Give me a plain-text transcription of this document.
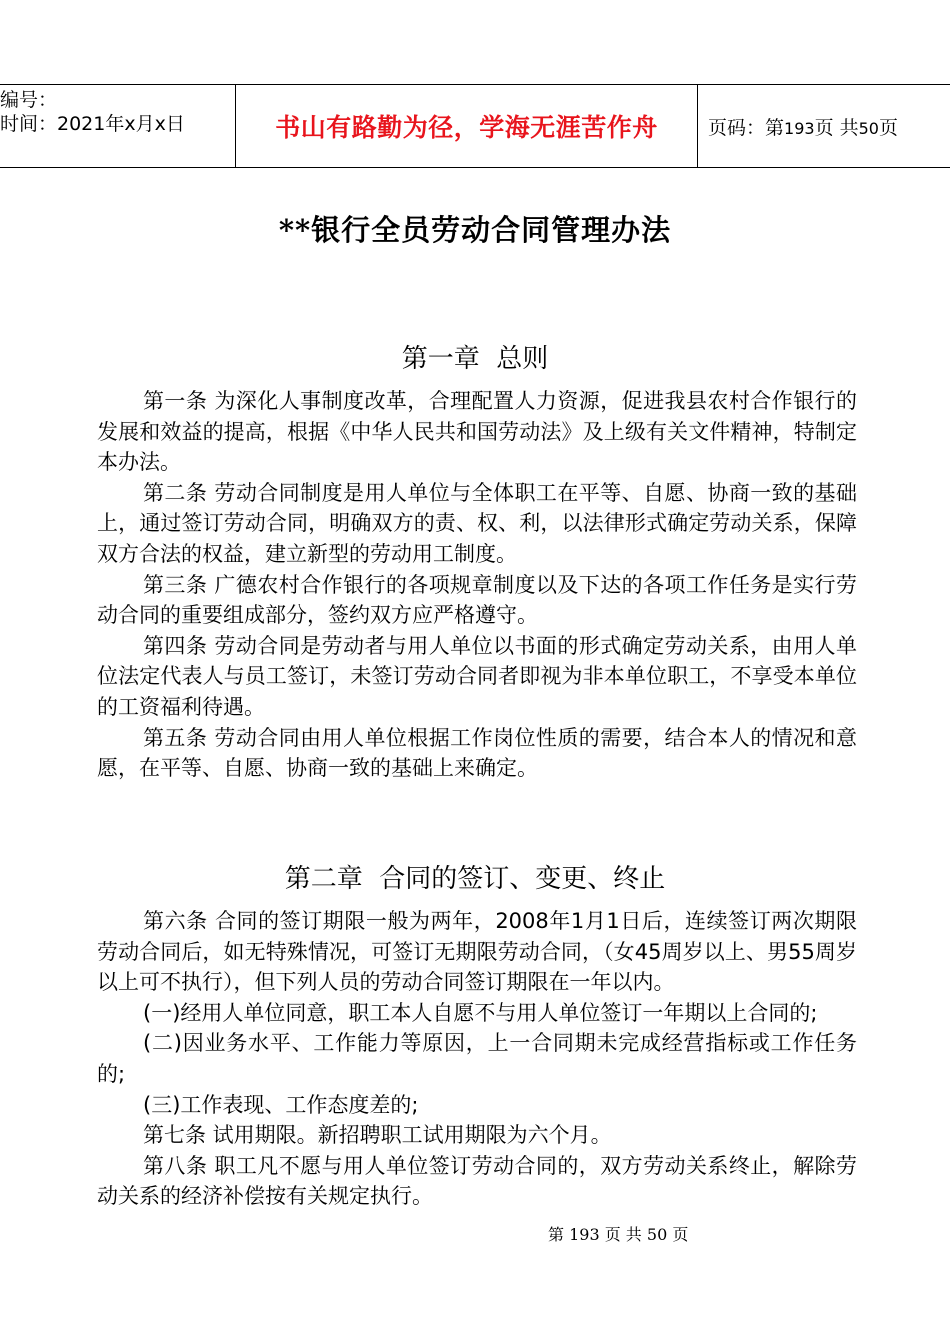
编号：
时间：2021年x月x日	书山有路勤为径，学海无涯苦作舟	页码：第193页 共50页
**银行全员劳动合同管理办法
第一章  总则

第一条 为深化人事制度改革，合理配置人力资源，促进我县农村合作银行的发展和效益的提高，根据《中华人民共和国劳动法》及上级有关文件精神，特制定本办法。

第二条 劳动合同制度是用人单位与全体职工在平等、自愿、协商一致的基础上，通过签订劳动合同，明确双方的责、权、利，以法律形式确定劳动关系，保障双方合法的权益，建立新型的劳动用工制度。

第三条 广德农村合作银行的各项规章制度以及下达的各项工作任务是实行劳动合同的重要组成部分，签约双方应严格遵守。

第四条 劳动合同是劳动者与用人单位以书面的形式确定劳动关系，由用人单位法定代表人与员工签订，未签订劳动合同者即视为非本单位职工，不享受本单位的工资福利待遇。

第五条 劳动合同由用人单位根据工作岗位性质的需要，结合本人的情况和意愿，在平等、自愿、协商一致的基础上来确定。

第二章  合同的签订、变更、终止

第六条 合同的签订期限一般为两年，2008年1月1日后，连续签订两次期限劳动合同后，如无特殊情况，可签订无期限劳动合同，（女45周岁以上、男55周岁以上可不执行），但下列人员的劳动合同签订期限在一年以内。

(一)经用人单位同意，职工本人自愿不与用人单位签订一年期以上合同的;

(二)因业务水平、工作能力等原因，上一合同期未完成经营指标或工作任务的;

(三)工作表现、工作态度差的;

第七条 试用期限。新招聘职工试用期限为六个月。

第八条 职工凡不愿与用人单位签订劳动合同的，双方劳动关系终止，解除劳动关系的经济补偿按有关规定执行。

第 193 页 共 50 页
